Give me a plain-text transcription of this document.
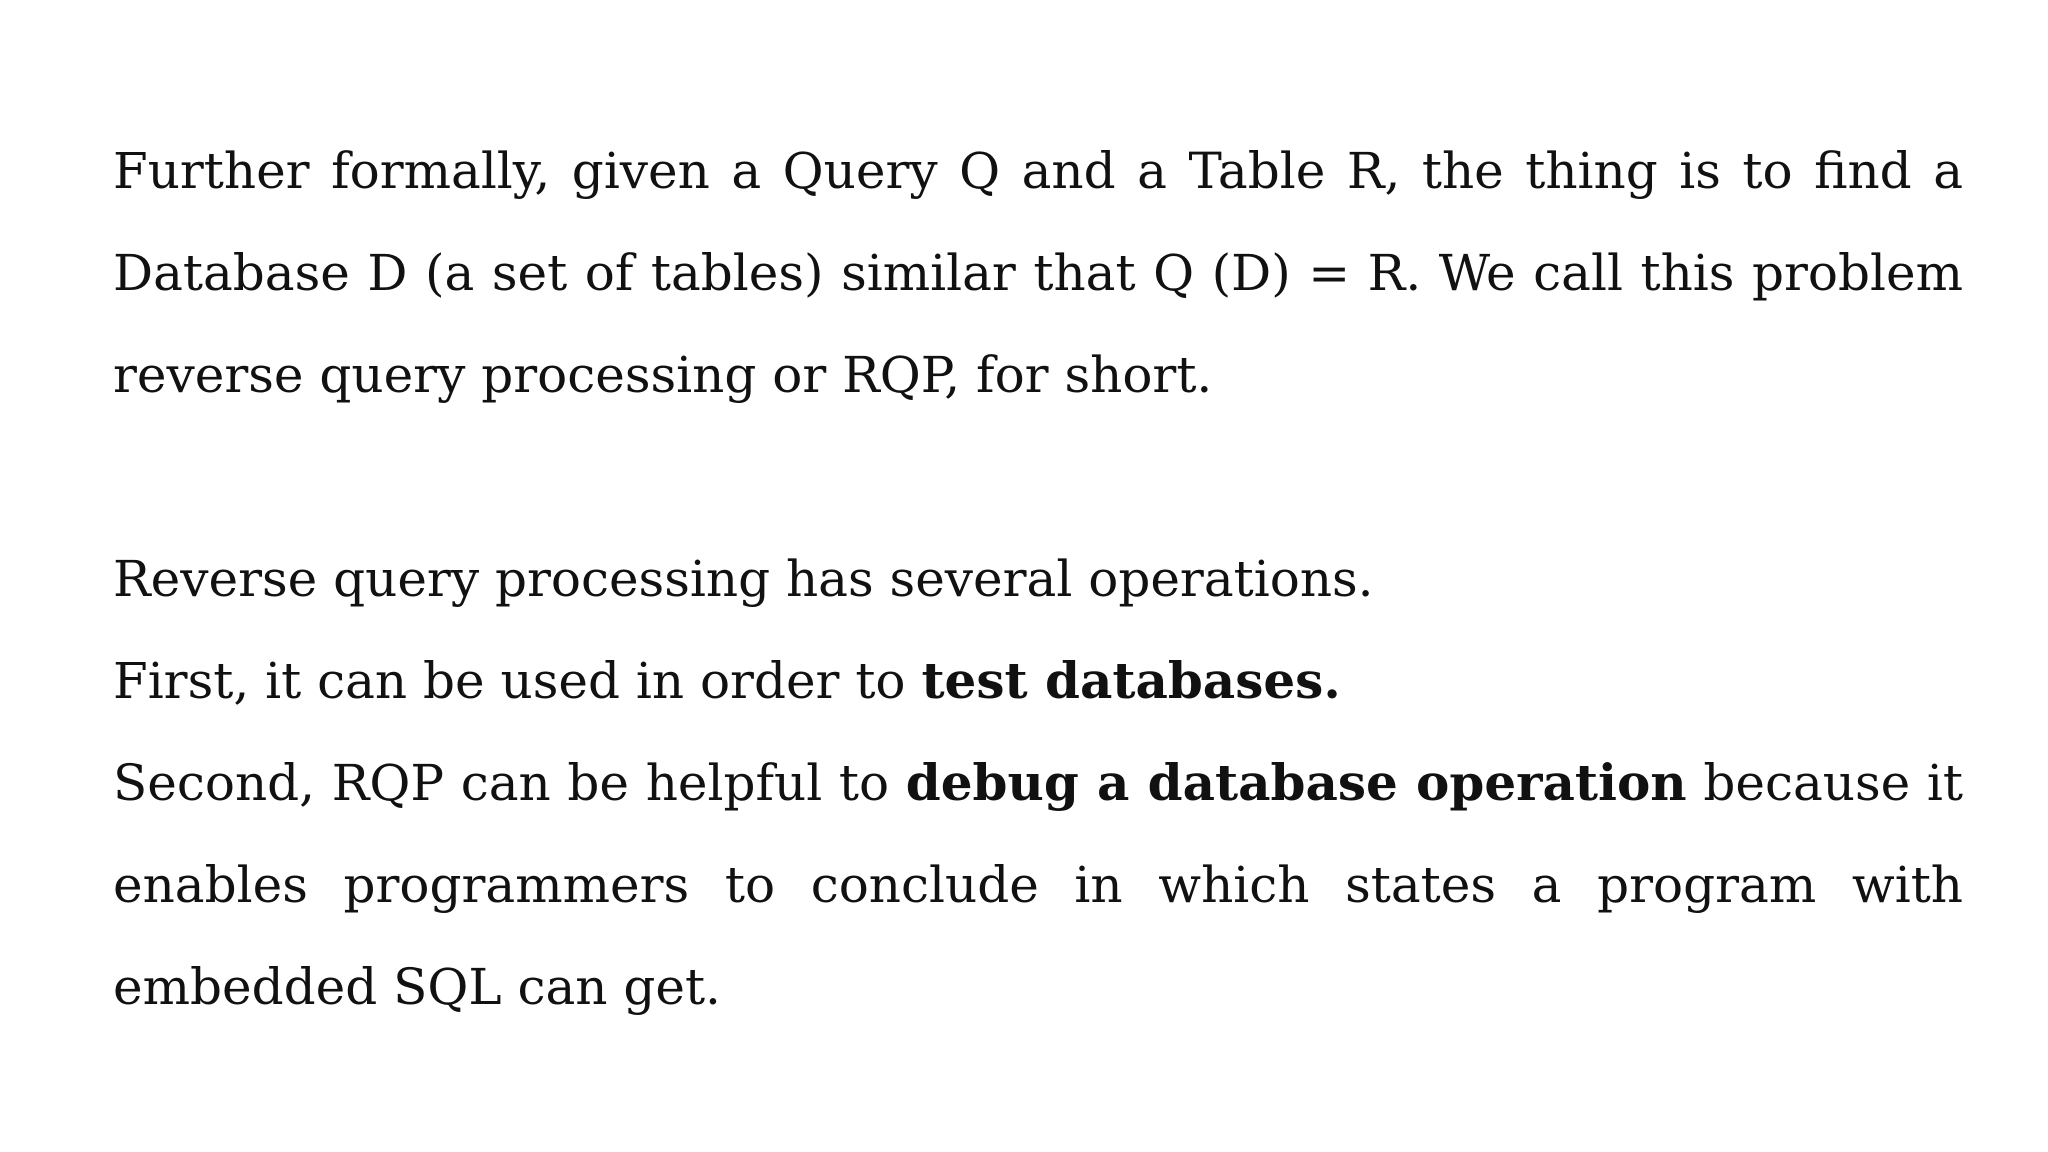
Further formally, given a Query Q and a Table R, the thing is to find a Database D (a set of tables) similar that Q (D) = R. We call this problem reverse query processing or RQP, for short.

Reverse query processing has several operations.

First, it can be used in order to test databases.

Second, RQP can be helpful to debug a database operation because it enables programmers to conclude in which states a program with embedded SQL can get.
